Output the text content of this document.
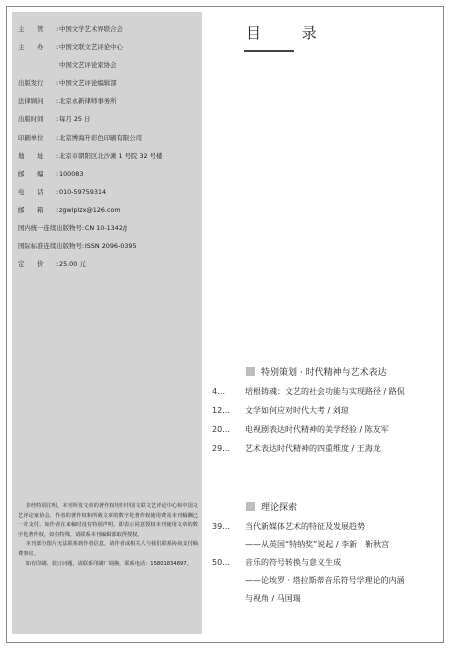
主　　管	: 中国文学艺术界联合会
主　　办	: 中国文联文艺评论中心
中国文艺评论家协会
出版发行	: 中国文艺评论编辑部
法律顾问	: 北京永新律师事务所
出版时间	: 每月 25 日
印刷单位	: 北京博海升彩色印刷有限公司
地　　址	: 北京市朝阳区北沙滩 1 号院 32 号楼
邮　　编	: 100083
电　　话	: 010-59759314
邮　　箱	: zgwlplzx@126.com
国内统一连续出版物号 : CN 10-1342/J
国际标准连续出版物号 : ISSN 2096-0395
定　　价	: 25.00 元

非经特别注明，本刊所发文章的著作权均归中国文联文艺评论中心和中国文艺评论家协会，作者的著作权和所载文章的数字化著作权使用费及本刊稿酬已一并支付。如作者在来稿时没有特别声明，即表示同意授权本刊使用文章的数字化著作权，如有特殊，请联系本刊编辑部取得授权。

本刊部分图片无法联系到作者信息，请作者或相关人与我们联系协商支付稿费事宜。

如有印刷、装订问题，请联系印刷厂调换，联系电话：15801834897。

目 录
特别策划 · 时代精神与艺术表达
4… 培根铸魂：文艺的社会功能与实现路径 / 路侃
12… 文学如何应对时代大考 / 刘琼
20… 电视剧表达时代精神的美学经验 / 陈友军
29… 艺术表达时代精神的四重维度 / 王海龙
理论探索
39… 当代新媒体艺术的特征及发展趋势
——从英国“特纳奖”说起 / 李新　靳秋宫
50… 音乐的符号转换与意义生成
——论埃罗 · 塔拉斯蒂音乐符号学理论的内涵
与视角 / 马国瑞
